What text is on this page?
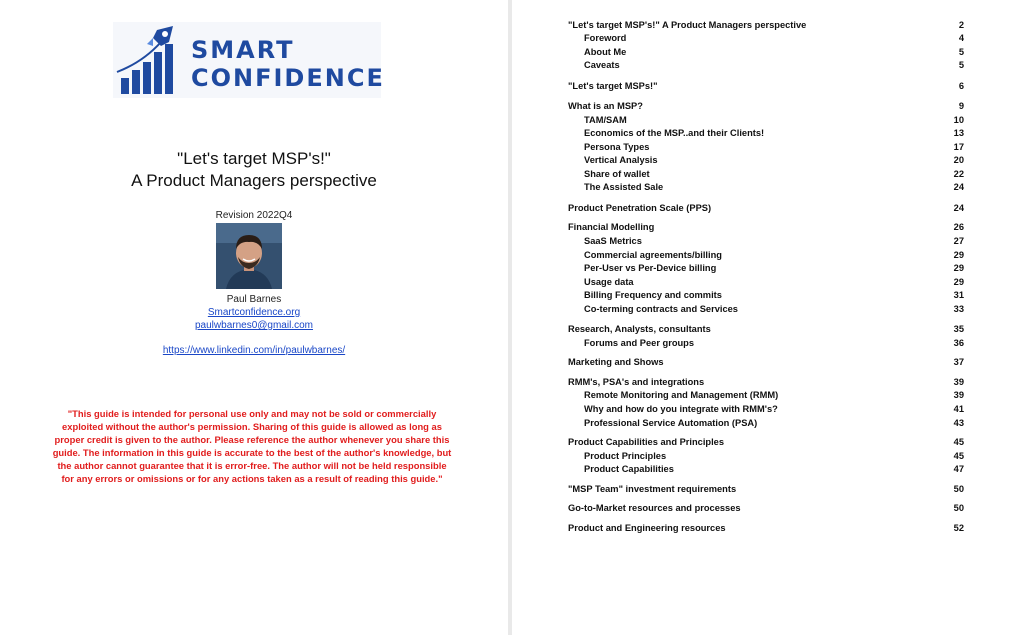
SMART
CONFIDENCE
"Let's target MSP's!"
A Product Managers perspective
Revision 2022Q4
Paul Barnes
Smartconfidence.org
paulwbarnes0@gmail.com
https://www.linkedin.com/in/paulwbarnes/
"This guide is intended for personal use only and may not be sold or commercially exploited without the author's permission. Sharing of this guide is allowed as long as proper credit is given to the author. Please reference the author whenever you share this guide. The information in this guide is accurate to the best of the author's knowledge, but the author cannot guarantee that it is error-free. The author will not be held responsible for any errors or omissions or for any actions taken as a result of reading this guide."
"Let's target MSP's!" A Product Managers perspective	2
Foreword	4
About Me	5
Caveats	5
"Let's target MSPs!"	6
What is an MSP?	9
TAM/SAM	10
Economics of the MSP..and their Clients!	13
Persona Types	17
Vertical Analysis	20
Share of wallet	22
The Assisted Sale	24
Product Penetration Scale (PPS)	24
Financial Modelling	26
SaaS Metrics	27
Commercial agreements/billing	29
Per-User vs Per-Device billing	29
Usage data	29
Billing Frequency and commits	31
Co-terming contracts and Services	33
Research, Analysts, consultants	35
Forums and Peer groups	36
Marketing and Shows	37
RMM's, PSA's and integrations	39
Remote Monitoring and Management (RMM)	39
Why and how do you integrate with RMM's?	41
Professional Service Automation (PSA)	43
Product Capabilities and Principles	45
Product Principles	45
Product Capabilities	47
"MSP Team" investment requirements	50
Go-to-Market resources and processes	50
Product and Engineering resources	52
